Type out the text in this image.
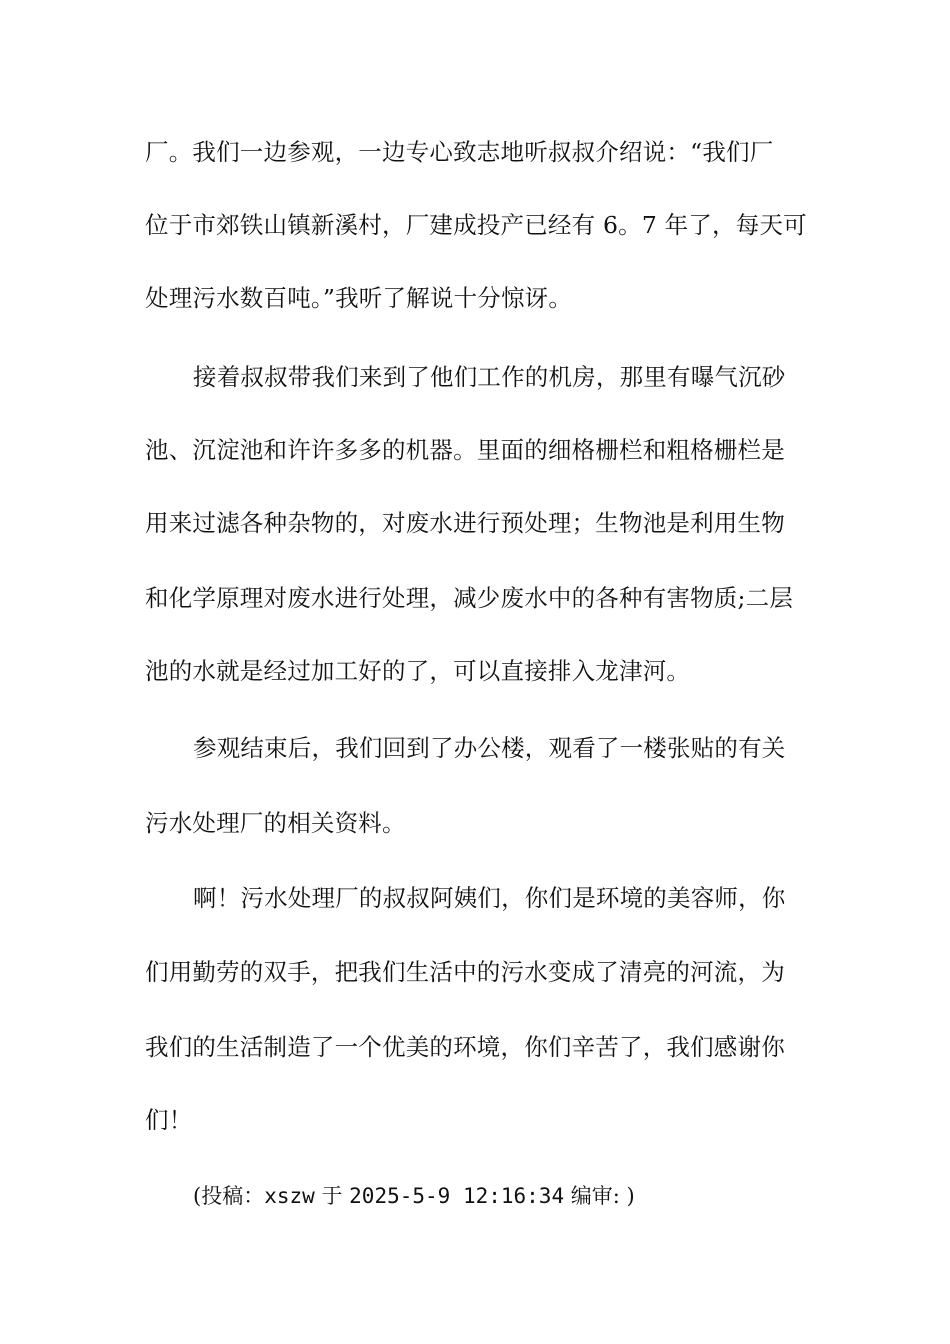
厂。我们一边参观，一边专心致志地听叔叔介绍说：“我们厂
位于市郊铁山镇新溪村，厂建成投产已经有 6。7 年了，每天可
处理污水数百吨。”我听了解说十分惊讶。
接着叔叔带我们来到了他们工作的机房，那里有曝气沉砂
池、沉淀池和许许多多的机器。里面的细格栅栏和粗格栅栏是
用来过滤各种杂物的，对废水进行预处理；生物池是利用生物
和化学原理对废水进行处理，减少废水中的各种有害物质;二层
池的水就是经过加工好的了，可以直接排入龙津河。
参观结束后，我们回到了办公楼，观看了一楼张贴的有关
污水处理厂的相关资料。
啊！污水处理厂的叔叔阿姨们，你们是环境的美容师，你
们用勤劳的双手，把我们生活中的污水变成了清亮的河流，为
我们的生活制造了一个优美的环境，你们辛苦了，我们感谢你
们！
(投稿：xszw 于 2025-5-9 12:16:34 编审: )
